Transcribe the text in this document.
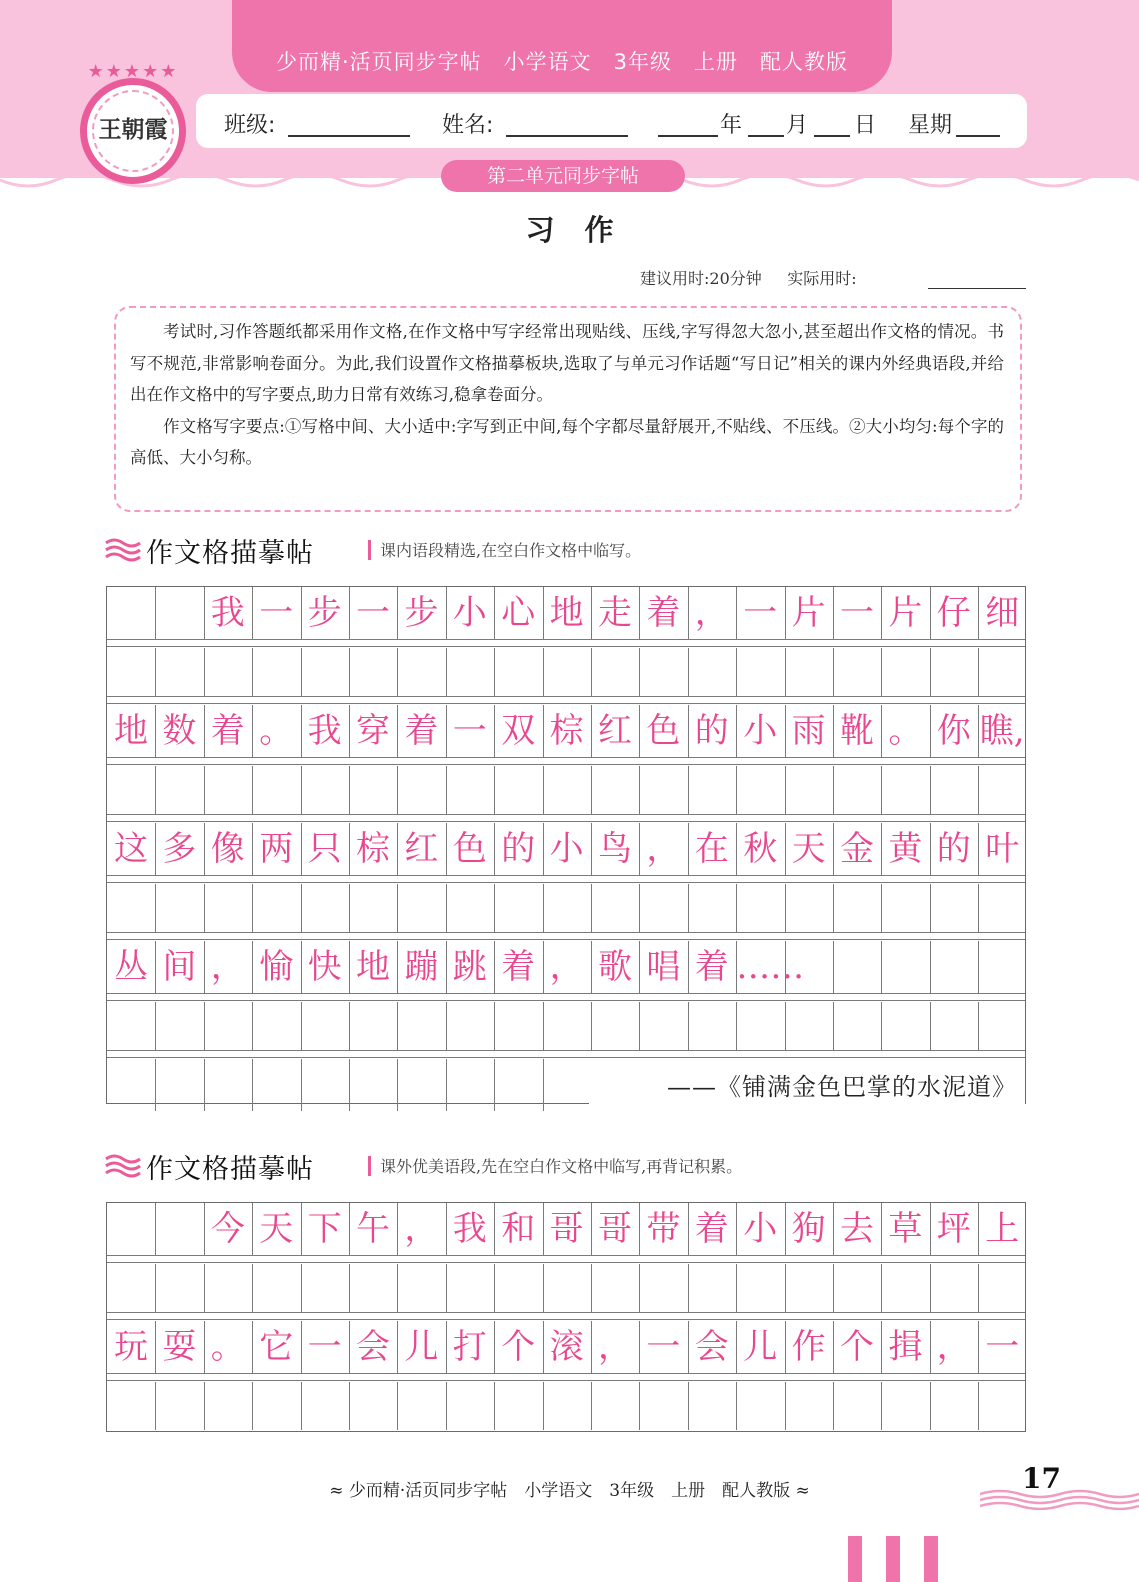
少而精·活页同步字帖　小学语文　3年级　上册　配人教版
★★★★★
王朝霞	班级:	姓名:	年 月 日 星期
第二单元同步字帖
习作
建议用时:20分钟 实际用时:

考试时,习作答题纸都采用作文格,在作文格中写字经常出现贴线、压线,字写得忽大忽小,甚至超出作文格的情况。书写不规范,非常影响卷面分。为此,我们设置作文格描摹板块,选取了与单元习作话题“写日记”相关的课内外经典语段,并给出在作文格中的写字要点,助力日常有效练习,稳拿卷面分。

作文格写字要点:①写格中间、大小适中:字写到正中间,每个字都尽量舒展开,不贴线、不压线。②大小均匀:每个字的高低、大小匀称。

作文格描摹帖	课内语段精选,在空白作文格中临写。
我 一 步 一 步 小 心 地 走 着 ， 一 片 一 片 仔 细
地 数 着 。 我 穿 着 一 双 棕 红 色 的 小 雨 靴 。 你 瞧,
这 多 像 两 只 棕 红 色 的 小 鸟 ， 在 秋 天 金 黄 的 叶
丛 间 ， 愉 快 地 蹦 跳 着 ， 歌 唱 着 ……
——《铺满金色巴掌的水泥道》
作文格描摹帖	课外优美语段,先在空白作文格中临写,再背记积累。
今 天 下 午 ， 我 和 哥 哥 带 着 小 狗 去 草 坪 上
玩 耍 。 它 一 会 儿 打 个 滚 ， 一 会 儿 作 个 揖 ， 一
≈ 少而精·活页同步字帖　小学语文　3年级　上册　配人教版 ≈	17
